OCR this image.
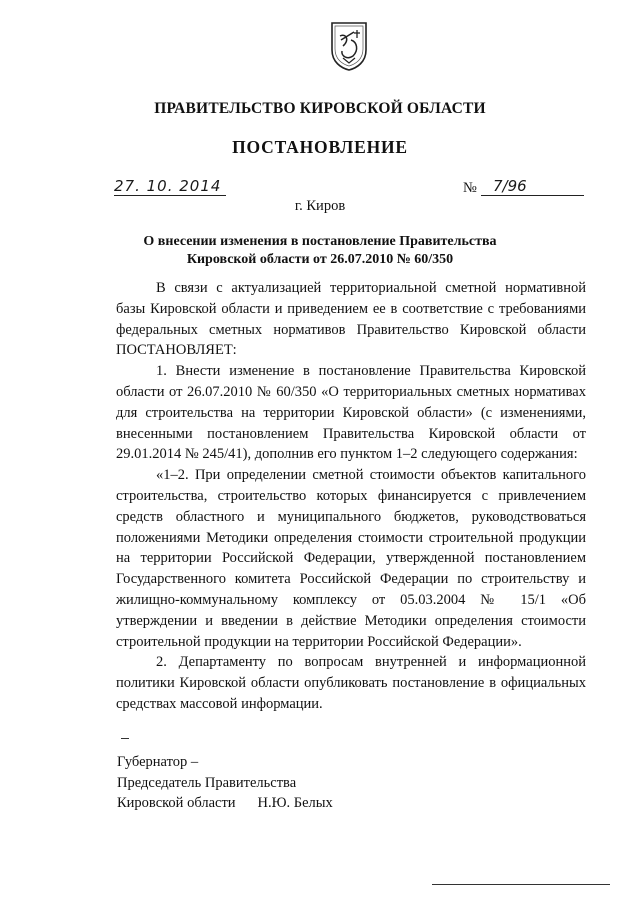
ПРАВИТЕЛЬСТВО КИРОВСКОЙ ОБЛАСТИ
ПОСТАНОВЛЕНИЕ
27. 10. 2014	№	7/96
г. Киров
О внесении изменения в постановление Правительства
Кировской области от 26.07.2010 № 60/350

В связи с актуализацией территориальной сметной нормативной базы Кировской области и приведением ее в соответствие с требованиями федеральных сметных нормативов Правительство Кировской области ПОСТАНОВЛЯЕТ:

1. Внести изменение в постановление Правительства Кировской области от 26.07.2010 № 60/350 «О территориальных сметных нормативах для строительства на территории Кировской области» (с изменениями, внесенными постановлением Правительства Кировской области от 29.01.2014 № 245/41), дополнив его пунктом 1–2 следующего содержания:

«1–2. При определении сметной стоимости объектов капитального строительства, строительство которых финансируется с привлечением средств областного и муниципального бюджетов, руководствоваться положениями Методики определения стоимости строительной продукции на территории Российской Федерации, утвержденной постановлением Государственного комитета Российской Федерации по строительству и жилищно-коммунальному комплексу от 05.03.2004 № 15/1 «Об утверждении и введении в действие Методики определения стоимости строительной продукции на территории Российской Федерации».

2. Департаменту по вопросам внутренней и информационной политики Кировской области опубликовать постановление в официальных средствах массовой информации.

Губернатор –
Председатель Правительства
Кировской области Н.Ю. Белых
